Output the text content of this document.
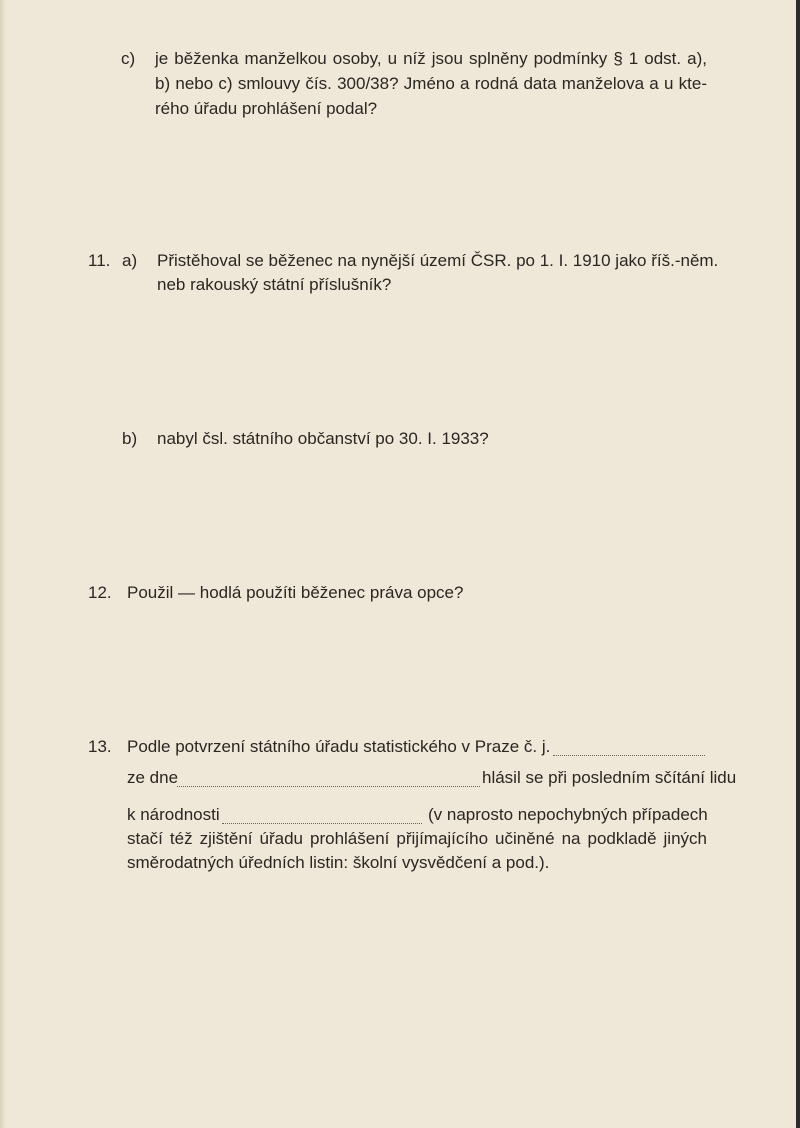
c) je běženka manželkou osoby, u níž jsou splněny podmínky § 1 odst. a),
b) nebo c) smlouvy čís. 300/38? Jméno a rodná data manželova a u kte-
rého úřadu prohlášení podal?
11. a) Přistěhoval se běženec na nynější území ČSR. po 1. I. 1910 jako říš.-něm.
neb rakouský státní příslušník?
b) nabyl čsl. státního občanství po 30. I. 1933?
12. Použil — hodlá použíti běženec práva opce?
13. Podle potvrzení státního úřadu statistického v Praze č. j.
ze dne	hlásil se při posledním sčítání lidu
k národnosti	(v naprosto nepochybných případech
stačí též zjištění úřadu prohlášení přijímajícího učiněné na podkladě jiných
směrodatných úředních listin: školní vysvědčení a pod.).
